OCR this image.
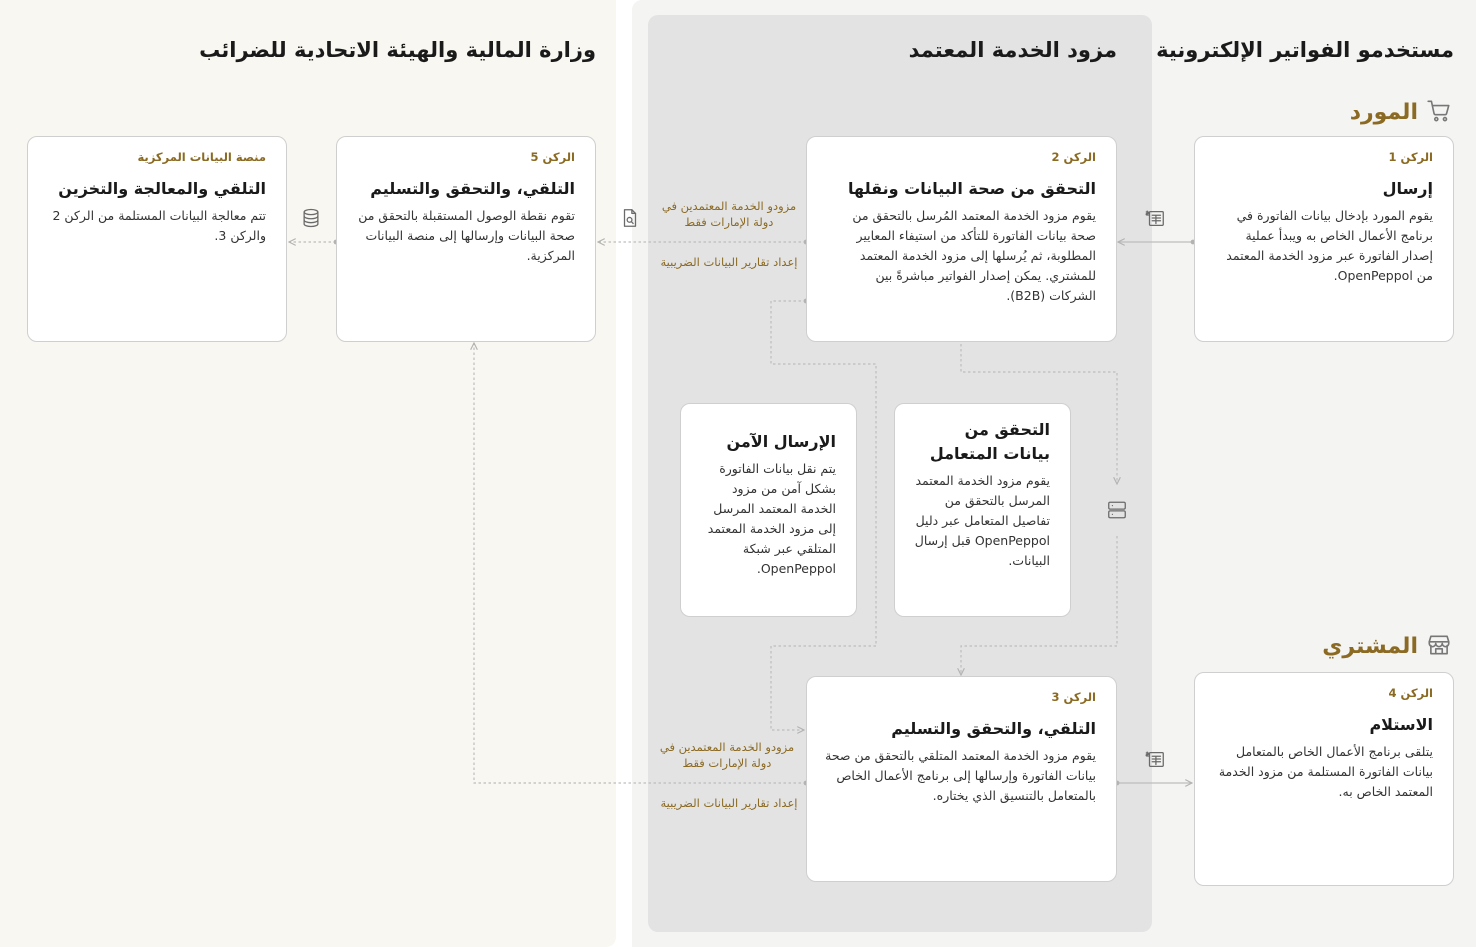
مستخدمو الفواتير الإلكترونية
مزود الخدمة المعتمد
وزارة المالية والهيئة الاتحادية للضرائب
المورد
المشتري
الركن 1
إرسال
يقوم المورد بإدخال بيانات الفاتورة في برنامج الأعمال الخاص به ويبدأ عملية إصدار الفاتورة عبر مزود الخدمة المعتمد من OpenPeppol.
الركن 2
التحقق من صحة البيانات ونقلها
يقوم مزود الخدمة المعتمد المُرسل بالتحقق من صحة بيانات الفاتورة للتأكد من استيفاء المعايير المطلوبة، ثم يُرسلها إلى مزود الخدمة المعتمد للمشتري. يمكن إصدار الفواتير مباشرةً بين الشركات (B2B).
الركن 3
التلقي، والتحقق والتسليم
يقوم مزود الخدمة المعتمد المتلقي بالتحقق من صحة بيانات الفاتورة وإرسالها إلى برنامج الأعمال الخاص بالمتعامل بالتنسيق الذي يختاره.
الركن 4
الاستلام
يتلقى برنامج الأعمال الخاص بالمتعامل بيانات الفاتورة المستلمة من مزود الخدمة المعتمد الخاص به.
الركن 5
التلقي، والتحقق والتسليم
تقوم نقطة الوصول المستقبلة بالتحقق من صحة البيانات وإرسالها إلى منصة البيانات المركزية.
منصة البيانات المركزية
التلقي والمعالجة والتخزين
تتم معالجة البيانات المستلمة من الركن 2 والركن 3.
التحقق من بيانات المتعامل
يقوم مزود الخدمة المعتمد المرسل بالتحقق من تفاصيل المتعامل عبر دليل OpenPeppol قبل إرسال البيانات.
الإرسال الآمن
يتم نقل بيانات الفاتورة بشكل آمن من مزود الخدمة المعتمد المرسل إلى مزود الخدمة المعتمد المتلقي عبر شبكة OpenPeppol.
مزودو الخدمة المعتمدين في دولة الإمارات فقط
إعداد تقارير البيانات الضريبية
مزودو الخدمة المعتمدين في دولة الإمارات فقط
إعداد تقارير البيانات الضريبية
